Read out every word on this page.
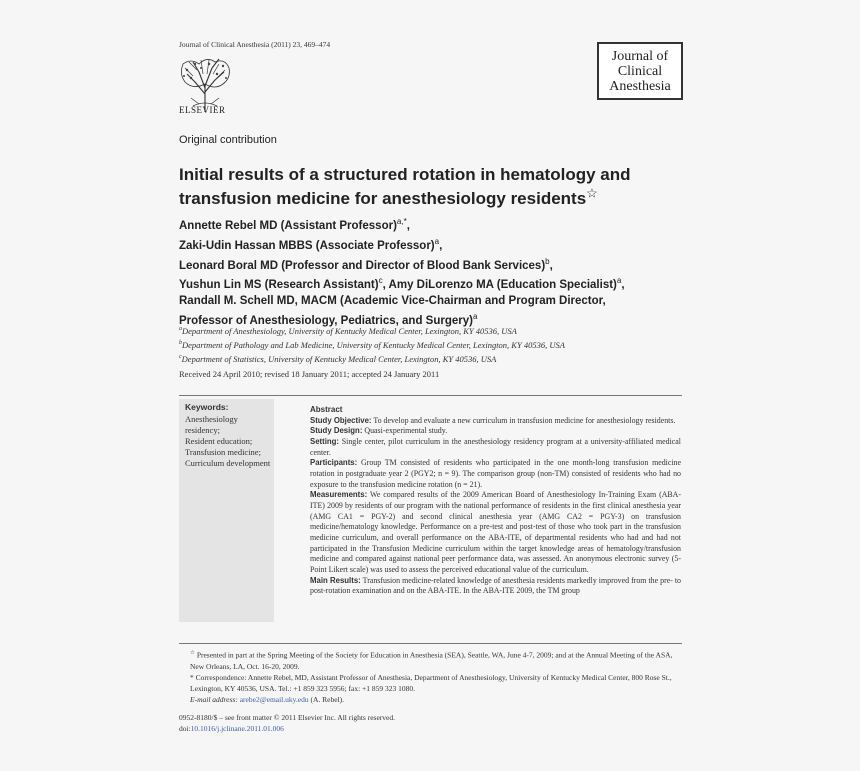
Journal of Clinical Anesthesia (2011) 23, 469–474
ELSEVIER
Journal of
Clinical
Anesthesia
Original contribution
Initial results of a structured rotation in hematology and transfusion medicine for anesthesiology residents☆
Annette Rebel MD (Assistant Professor)$^{a,*}$,
Zaki-Udin Hassan MBBS (Associate Professor)$^a$,
Leonard Boral MD (Professor and Director of Blood Bank Services)$^b$,
Yushun Lin MS (Research Assistant)$^c$, Amy DiLorenzo MA (Education Specialist)$^a$,
Randall M. Schell MD, MACM (Academic Vice-Chairman and Program Director,
Professor of Anesthesiology, Pediatrics, and Surgery)$^a$
$^a$Department of Anesthesiology, University of Kentucky Medical Center, Lexington, KY 40536, USA
$^b$Department of Pathology and Lab Medicine, University of Kentucky Medical Center, Lexington, KY 40536, USA
$^c$Department of Statistics, University of Kentucky Medical Center, Lexington, KY 40536, USA
Received 24 April 2010; revised 18 January 2011; accepted 24 January 2011
Keywords:
Anesthesiology residency;
Resident education;
Transfusion medicine;
Curriculum development
Abstract
Study Objective: To develop and evaluate a new curriculum in transfusion medicine for anesthesiology residents.
Study Design: Quasi-experimental study.
Setting: Single center, pilot curriculum in the anesthesiology residency program at a university-affiliated medical center.
Participants: Group TM consisted of residents who participated in the one month-long transfusion medicine rotation in postgraduate year 2 (PGY2; n = 9). The comparison group (non-TM) consisted of residents who had no exposure to the transfusion medicine rotation (n = 21).
Measurements: We compared results of the 2009 American Board of Anesthesiology In-Training Exam (ABA-ITE) 2009 by residents of our program with the national performance of residents in the first clinical anesthesia year (AMG CA1 = PGY-2) and second clinical anesthesia year (AMG CA2 = PGY-3) on transfusion medicine/hematology knowledge. Performance on a pre-test and post-test of those who took part in the transfusion medicine curriculum, and overall performance on the ABA-ITE, of departmental residents who had and had not participated in the Transfusion Medicine curriculum within the target knowledge areas of hematology/transfusion medicine and compared against national peer performance data, was assessed. An anonymous electronic survey (5-Point Likert scale) was used to assess the perceived educational value of the curriculum.
Main Results: Transfusion medicine-related knowledge of anesthesia residents markedly improved from the pre- to post-rotation examination and on the ABA-ITE. In the ABA-ITE 2009, the TM group
☆ Presented in part at the Spring Meeting of the Society for Education in Anesthesia (SEA), Seattle, WA, June 4-7, 2009; and at the Annual Meeting of the ASA, New Orleans, LA, Oct. 16-20, 2009.
* Correspondence: Annette Rebel, MD, Assistant Professor of Anesthesia, Department of Anesthesiology, University of Kentucky Medical Center, 800 Rose St., Lexington, KY 40536, USA. Tel.: +1 859 323 5956; fax: +1 859 323 1080.
E-mail address: arebe2@email.uky.edu (A. Rebel).
0952-8180/$ – see front matter © 2011 Elsevier Inc. All rights reserved.
doi:10.1016/j.jclinane.2011.01.006
